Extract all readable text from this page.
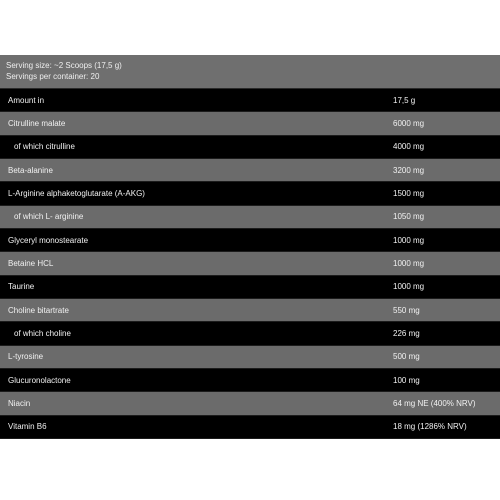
Serving size: ~2 Scoops (17,5 g)
Servings per container: 20
Amount in	17,5 g
Citrulline malate	6000 mg
of which citrulline	4000 mg
Beta-alanine	3200 mg
L-Arginine alphaketoglutarate (A-AKG)	1500 mg
of which L- arginine	1050 mg
Glyceryl monostearate	1000 mg
Betaine HCL	1000 mg
Taurine	1000 mg
Choline bitartrate	550 mg
of which choline	226 mg
L-tyrosine	500 mg
Glucuronolactone	100 mg
Niacin	64 mg NE (400% NRV)
Vitamin B6	18 mg (1286% NRV)
